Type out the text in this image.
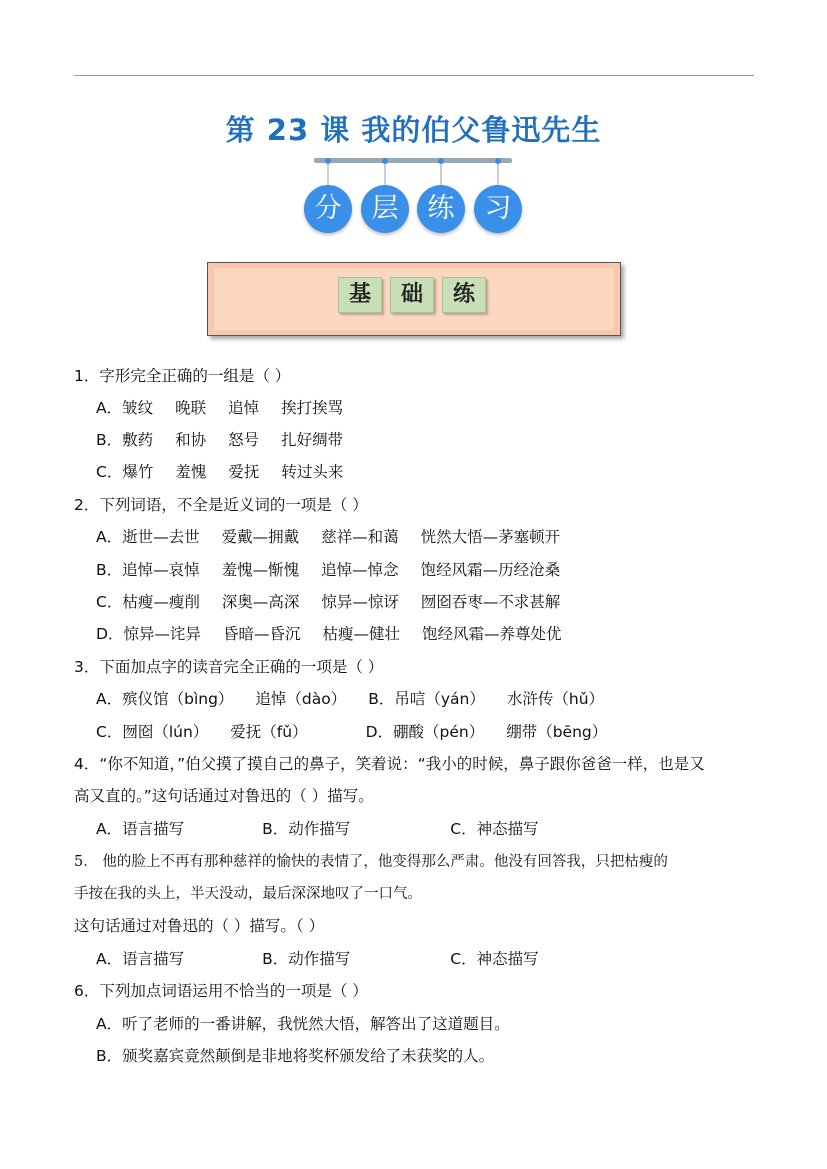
第 23 课 我的伯父鲁迅先生
分	层	练	习
基 础 练
1．字形完全正确的一组是（ ）
A．皱纹 晚联 追悼 挨打挨骂
B．敷药 和协 怒号 扎好绸带
C．爆竹 羞愧 爱抚 转过头来
2．下列词语，不全是近义词的一项是（ ）
A．逝世—去世 爱戴—拥戴 慈祥—和蔼 恍然大悟—茅塞顿开
B．追悼—哀悼 羞愧—惭愧 追悼—悼念 饱经风霜—历经沧桑
C．枯瘦—瘦削 深奥—高深 惊异—惊讶 囫囵吞枣—不求甚解
D．惊异—诧异 昏暗—昏沉 枯瘦—健壮 饱经风霜—养尊处优
3．下面加点字的读音完全正确的一项是（ ）
A．殡仪馆（bìng） 追悼（dào） B．吊唁（yán） 水浒传（hǔ）
C．囫囵（lún） 爱抚（fǔ）	D．硼酸（pén） 绷带（bēng）
4．“你不知道，”伯父摸了摸自己的鼻子，笑着说：“我小的时候，鼻子跟你爸爸一样，也是又
高又直的。”这句话通过对鲁迅的（ ）描写。
A．语言描写	B．动作描写	C．神态描写
5． 他的脸上不再有那种慈祥的愉快的表情了，他变得那么严肃。他没有回答我，只把枯瘦的
手按在我的头上，半天没动，最后深深地叹了一口气。
这句话通过对鲁迅的（ ）描写。（ ）
A．语言描写	B．动作描写	C．神态描写
6．下列加点词语运用不恰当的一项是（ ）
A．听了老师的一番讲解，我恍然大悟，解答出了这道题目。
B．颁奖嘉宾竟然颠倒是非地将奖杯颁发给了未获奖的人。
